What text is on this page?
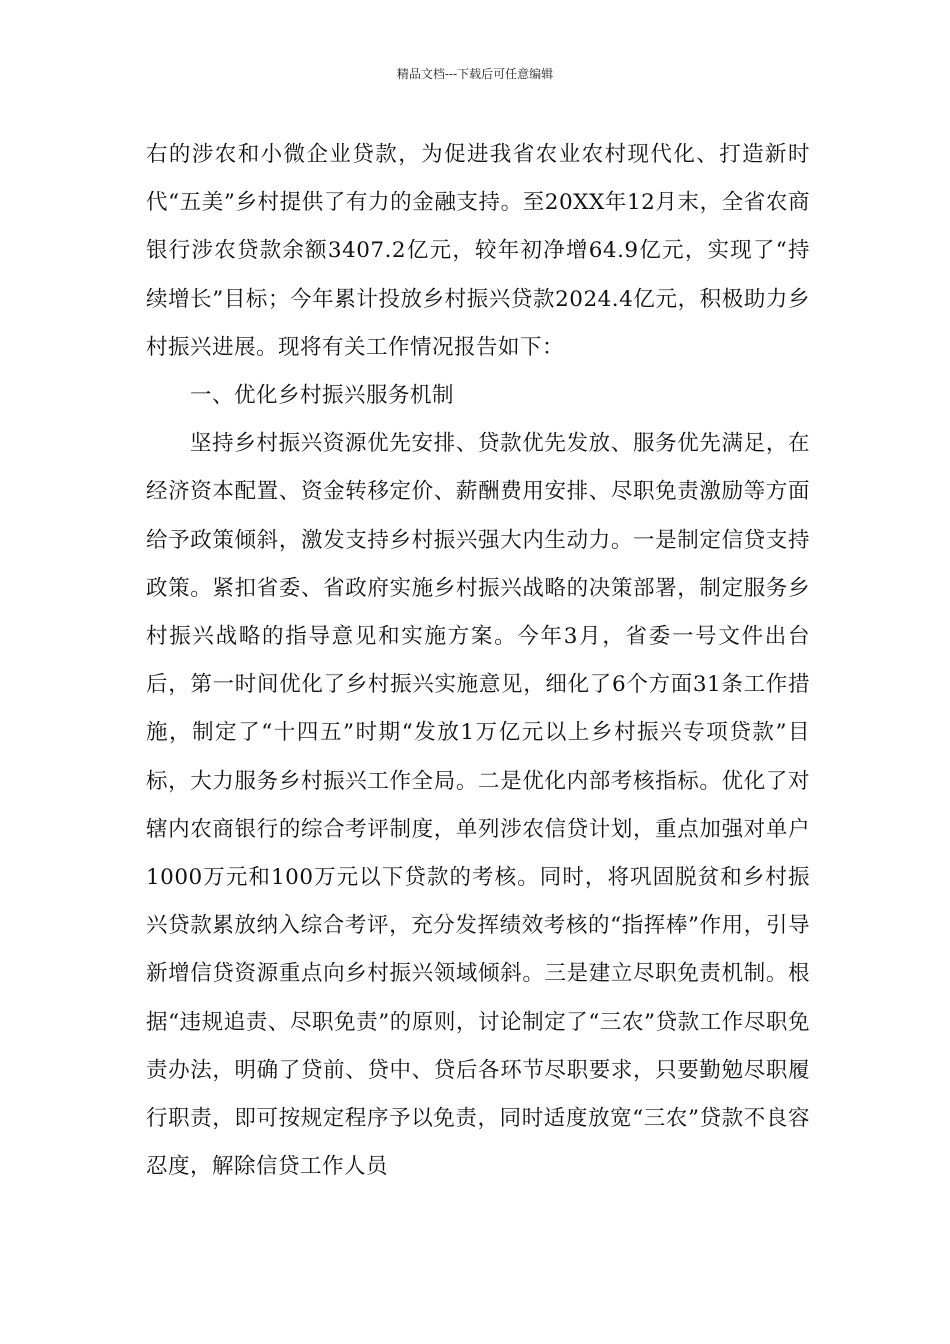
精品文档---下载后可任意编辑

右的涉农和小微企业贷款，为促进我省农业农村现代化、打造新时代“五美”乡村提供了有力的金融支持。至20XX年12月末，全省农商银行涉农贷款余额3407.2亿元，较年初净增64.9亿元，实现了“持续增长”目标；今年累计投放乡村振兴贷款2024.4亿元，积极助力乡村振兴进展。现将有关工作情况报告如下：

一、优化乡村振兴服务机制

坚持乡村振兴资源优先安排、贷款优先发放、服务优先满足，在经济资本配置、资金转移定价、薪酬费用安排、尽职免责激励等方面给予政策倾斜，激发支持乡村振兴强大内生动力。一是制定信贷支持政策。紧扣省委、省政府实施乡村振兴战略的决策部署，制定服务乡村振兴战略的指导意见和实施方案。今年3月，省委一号文件出台后，第一时间优化了乡村振兴实施意见，细化了6个方面31条工作措施，制定了“十四五”时期“发放1万亿元以上乡村振兴专项贷款”目标，大力服务乡村振兴工作全局。二是优化内部考核指标。优化了对辖内农商银行的综合考评制度，单列涉农信贷计划，重点加强对单户1000万元和100万元以下贷款的考核。同时，将巩固脱贫和乡村振兴贷款累放纳入综合考评，充分发挥绩效考核的“指挥棒”作用，引导新增信贷资源重点向乡村振兴领域倾斜。三是建立尽职免责机制。根据“违规追责、尽职免责”的原则，讨论制定了“三农”贷款工作尽职免责办法，明确了贷前、贷中、贷后各环节尽职要求，只要勤勉尽职履行职责，即可按规定程序予以免责，同时适度放宽“三农”贷款不良容忍度，解除信贷工作人员
